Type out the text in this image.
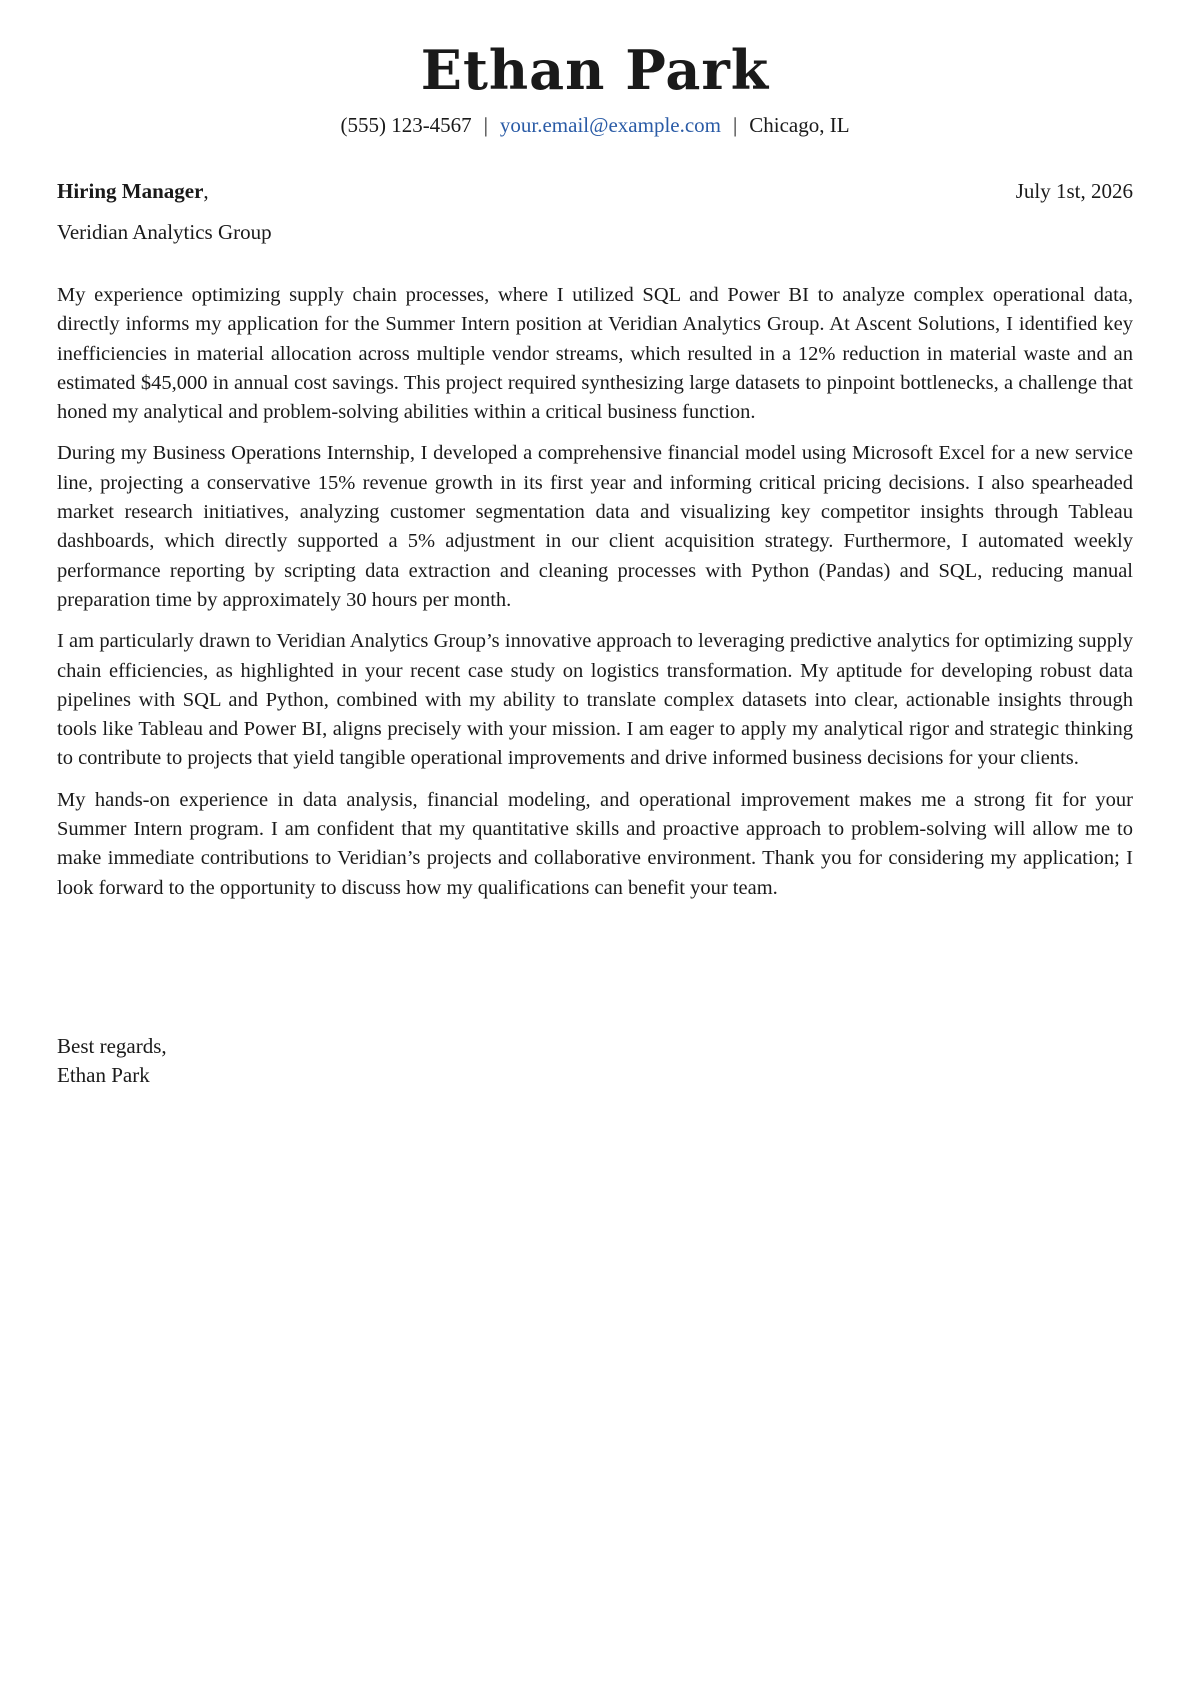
Ethan Park
(555) 123-4567 | your.email@example.com | Chicago, IL
Hiring Manager,	July 1st, 2026
Veridian Analytics Group

My experience optimizing supply chain processes, where I utilized SQL and Power BI to analyze complex operational data, directly informs my application for the Summer Intern position at Veridian Analytics Group. At Ascent Solutions, I identified key inefficiencies in material allocation across multiple vendor streams, which resulted in a 12% reduction in material waste and an estimated $45,000 in annual cost savings. This project required synthesizing large datasets to pinpoint bottlenecks, a challenge that honed my analytical and problem-solving abilities within a critical business function.

During my Business Operations Internship, I developed a comprehensive financial model using Microsoft Excel for a new service line, projecting a conservative 15% revenue growth in its first year and informing critical pricing decisions. I also spearheaded market research initiatives, analyzing customer segmentation data and visualizing key competitor insights through Tableau dashboards, which directly supported a 5% adjustment in our client acquisition strategy. Furthermore, I automated weekly performance reporting by scripting data extraction and cleaning processes with Python (Pandas) and SQL, reducing manual preparation time by approximately 30 hours per month.

I am particularly drawn to Veridian Analytics Group’s innovative approach to leveraging predictive analytics for optimizing supply chain efficiencies, as highlighted in your recent case study on logistics transformation. My aptitude for developing robust data pipelines with SQL and Python, combined with my ability to translate complex datasets into clear, actionable insights through tools like Tableau and Power BI, aligns precisely with your mission. I am eager to apply my analytical rigor and strategic thinking to contribute to projects that yield tangible operational improvements and drive informed business decisions for your clients.

My hands-on experience in data analysis, financial modeling, and operational improvement makes me a strong fit for your Summer Intern program. I am confident that my quantitative skills and proactive approach to problem-solving will allow me to make immediate contributions to Veridian’s projects and collaborative environment. Thank you for considering my application; I look forward to the opportunity to discuss how my qualifications can benefit your team.

Best regards,
Ethan Park
